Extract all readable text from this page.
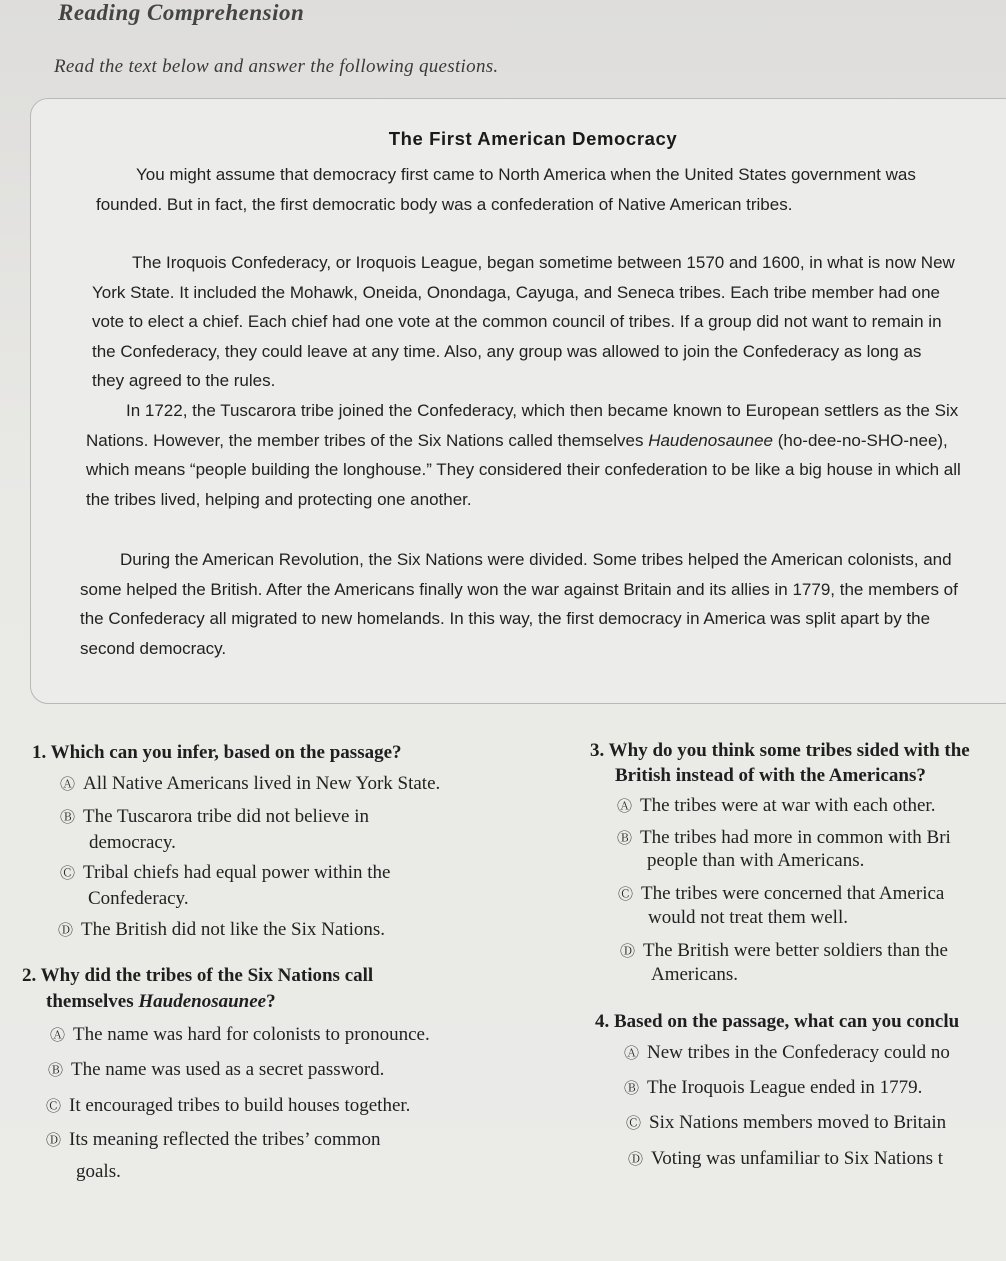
Reading Comprehension
Read the text below and answer the following questions.
The First American Democracy

You might assume that democracy first came to North America when the United States government was founded. But in fact, the first democratic body was a confederation of Native American tribes.

The Iroquois Confederacy, or Iroquois League, began sometime between 1570 and 1600, in what is now New York State. It included the Mohawk, Oneida, Onondaga, Cayuga, and Seneca tribes. Each tribe member had one vote to elect a chief. Each chief had one vote at the common council of tribes. If a group did not want to remain in the Confederacy, they could leave at any time. Also, any group was allowed to join the Confederacy as long as they agreed to the rules.

In 1722, the Tuscarora tribe joined the Confederacy, which then became known to European settlers as the Six Nations. However, the member tribes of the Six Nations called themselves Haudenosaunee (ho-dee-no-SHO-nee), which means “people building the longhouse.” They considered their confederation to be like a big house in which all the tribes lived, helping and protecting one another.

During the American Revolution, the Six Nations were divided. Some tribes helped the American colonists, and some helped the British. After the Americans finally won the war against Britain and its allies in 1779, the members of the Confederacy all migrated to new homelands. In this way, the first democracy in America was split apart by the second democracy.

1. Which can you infer, based on the passage?
Ⓐ All Native Americans lived in New York State.
Ⓑ The Tuscarora tribe did not believe in
democracy.
Ⓒ Tribal chiefs had equal power within the
Confederacy.
Ⓓ The British did not like the Six Nations.
2. Why did the tribes of the Six Nations call
themselves Haudenosaunee?
Ⓐ The name was hard for colonists to pronounce.
Ⓑ The name was used as a secret password.
Ⓒ It encouraged tribes to build houses together.
Ⓓ Its meaning reflected the tribes’ common
goals.
3. Why do you think some tribes sided with the
British instead of with the Americans?
Ⓐ The tribes were at war with each other.
Ⓑ The tribes had more in common with Bri
people than with Americans.
Ⓒ The tribes were concerned that America
would not treat them well.
Ⓓ The British were better soldiers than the
Americans.
4. Based on the passage, what can you conclu
Ⓐ New tribes in the Confederacy could no
Ⓑ The Iroquois League ended in 1779.
Ⓒ Six Nations members moved to Britain
Ⓓ Voting was unfamiliar to Six Nations t
